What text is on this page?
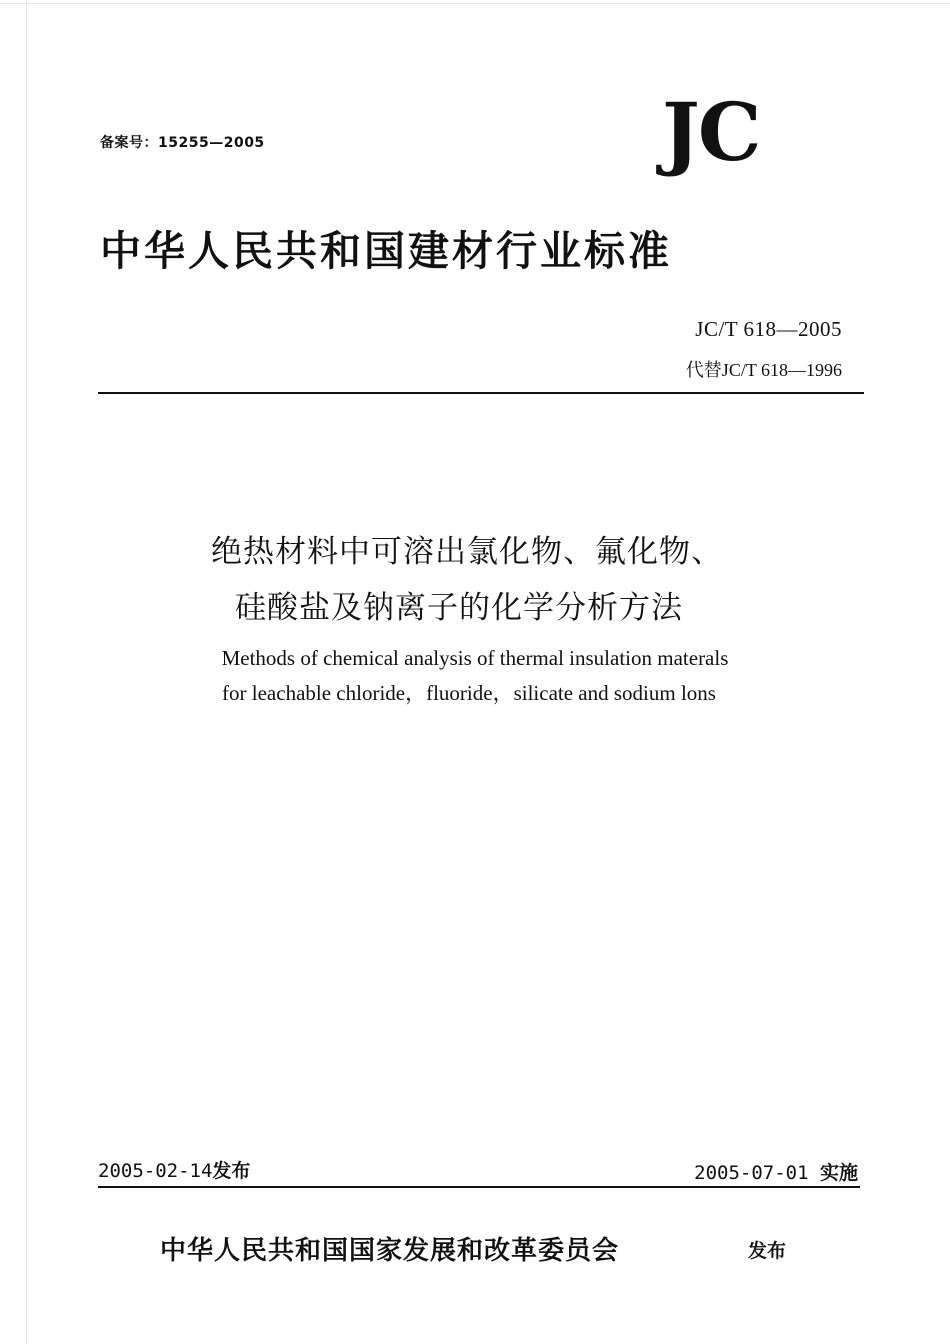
备案号：15255—2005	JC
中华人民共和国建材行业标准
JC/T 618—2005
代替JC/T 618—1996
绝热材料中可溶出氯化物、氟化物、
硅酸盐及钠离子的化学分析方法
Methods of chemical analysis of thermal insulation materals
for leachable chloride，fluoride，silicate and sodium lons
2005-02-14发布	2005-07-01 实施
中华人民共和国国家发展和改革委员会	发布
